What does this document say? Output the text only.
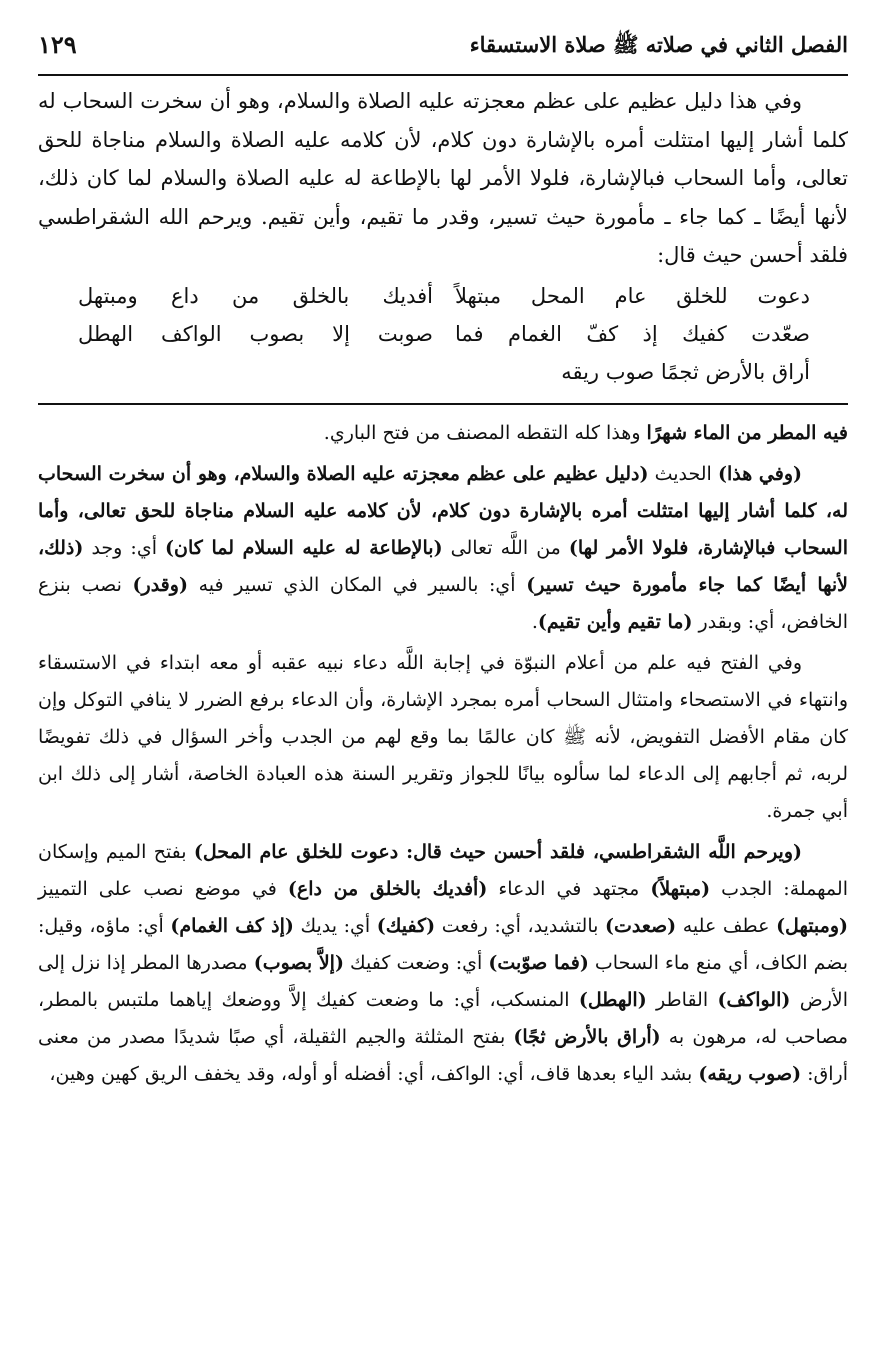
الفصل الثاني في صلاته ﷺ صلاة الاستسقاء
١٢٩

وفي هذا دليل عظيم على عظم معجزته عليه الصلاة والسلام، وهو أن سخرت السحاب له كلما أشار إليها امتثلت أمره بالإشارة دون كلام، لأن كلامه عليه الصلاة والسلام مناجاة للحق تعالى، وأما السحاب فبالإشارة، فلولا الأمر لها بالإطاعة له عليه الصلاة والسلام لما كان ذلك، لأنها أيضًا ـ كما جاء ـ مأمورة حيث تسير، وقدر ما تقيم، وأين تقيم. ويرحم الله الشقراطسي فلقد أحسن حيث قال:

دعوت للخلق عام المحل مبتهلاً
أفديك بالخلق من داع ومبتهل
صعّدت كفيك إذ كفّ الغمام فما
صوبت إلا بصوب الواكف الهطل
أراق بالأرض ثجمًا صوب ريقه

فيه المطر من الماء شهرًا وهذا كله التقطه المصنف من فتح الباري.

(وفي هذا) الحديث (دليل عظيم على عظم معجزته عليه الصلاة والسلام، وهو أن سخرت السحاب له، كلما أشار إليها امتثلت أمره بالإشارة دون كلام، لأن كلامه عليه السلام مناجاة للحق تعالى، وأما السحاب فبالإشارة، فلولا الأمر لها) من اللَّه تعالى (بالإطاعة له عليه السلام لما كان) أي: وجد (ذلك، لأنها أيضًا كما جاء مأمورة حيث تسير) أي: بالسير في المكان الذي تسير فيه (وقدر) نصب بنزع الخافض، أي: وبقدر (ما تقيم وأين تقيم).

وفي الفتح فيه علم من أعلام النبوّة في إجابة اللَّه دعاء نبيه عقبه أو معه ابتداء في الاستسقاء وانتهاء في الاستصحاء وامتثال السحاب أمره بمجرد الإشارة، وأن الدعاء برفع الضرر لا ينافي التوكل وإن كان مقام الأفضل التفويض، لأنه ﷺ كان عالمًا بما وقع لهم من الجدب وأخر السؤال في ذلك تفويضًا لربه، ثم أجابهم إلى الدعاء لما سألوه بيانًا للجواز وتقرير السنة هذه العبادة الخاصة، أشار إلى ذلك ابن أبي جمرة.

(ويرحم اللَّه الشقراطسي، فلقد أحسن حيث قال: دعوت للخلق عام المحل) بفتح الميم وإسكان المهملة: الجدب (مبتهلاً) مجتهد في الدعاء (أفديك بالخلق من داع) في موضع نصب على التمييز (ومبتهل) عطف عليه (صعدت) بالتشديد، أي: رفعت (كفيك) أي: يديك (إذ كف الغمام) أي: ماؤه، وقيل: بضم الكاف، أي منع ماء السحاب (فما صوّبت) أي: وضعت كفيك (إلاَّ بصوب) مصدرها المطر إذا نزل إلى الأرض (الواكف) القاطر (الهطل) المنسكب، أي: ما وضعت كفيك إلاَّ ووضعك إياهما ملتبس بالمطر، مصاحب له، مرهون به (أراق بالأرض ثجًا) بفتح المثلثة والجيم الثقيلة، أي صبًا شديدًا مصدر من معنى أراق: (صوب ريقه) بشد الياء بعدها قاف، أي: الواكف، أي: أفضله أو أوله، وقد يخفف الريق كهين وهين،
